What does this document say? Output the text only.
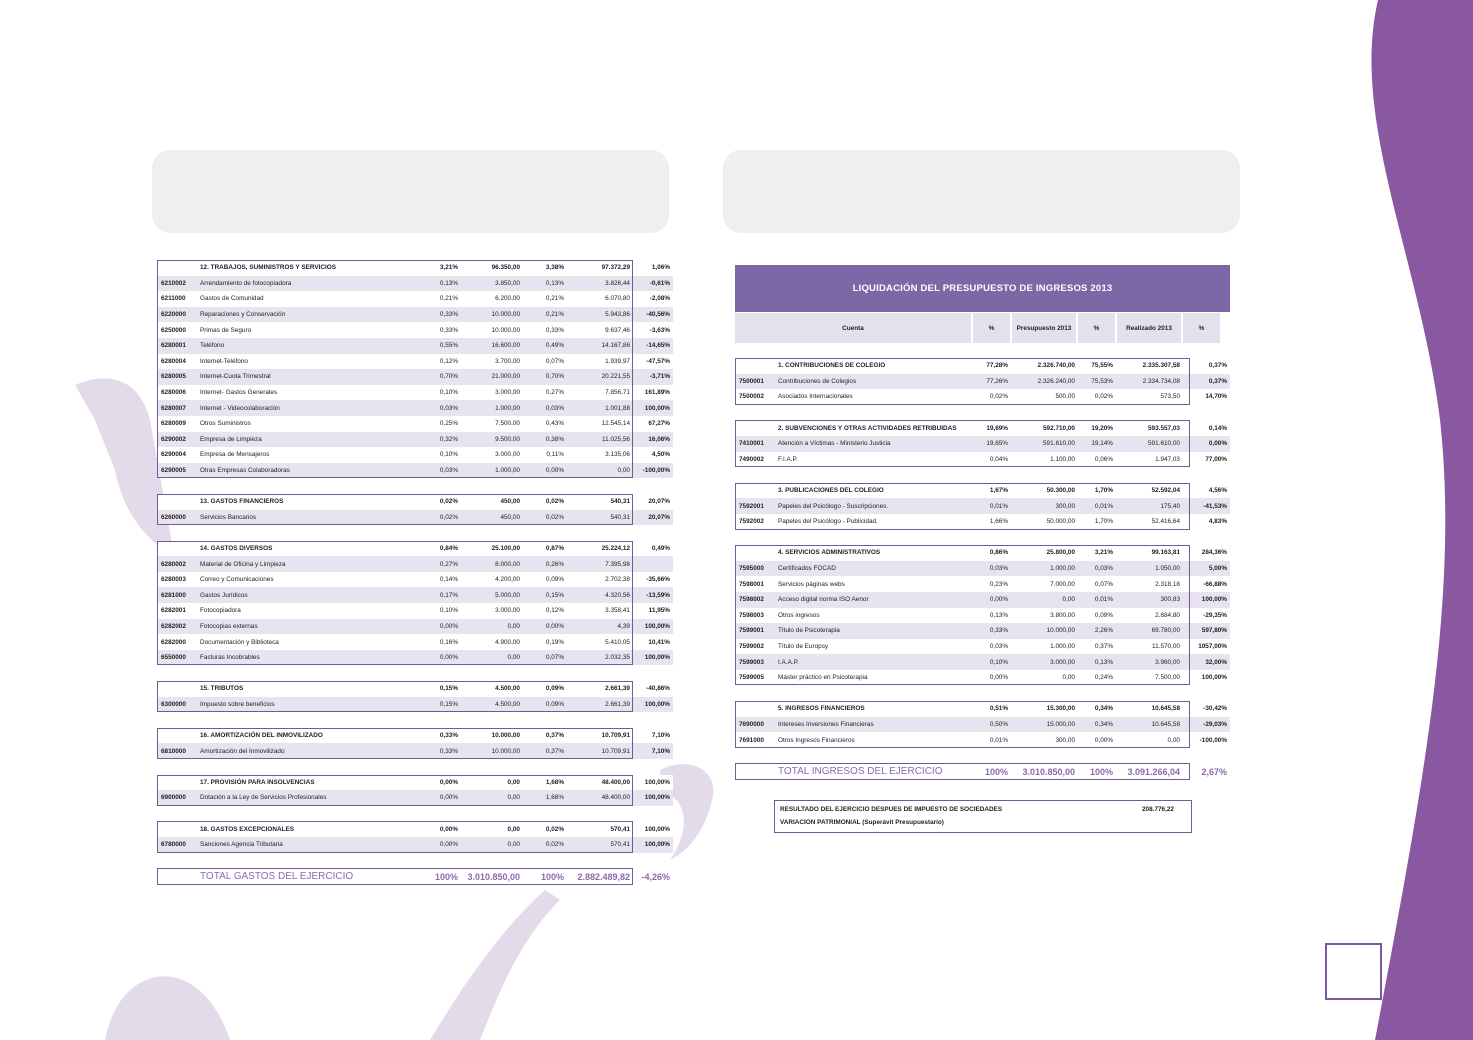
	12. TRABAJOS, SUMINISTROS Y SERVICIOS	3,21%	96.350,00	3,38%	97.372,29	1,06%
6210002	Arrendamiento de fotocopiadora	0,13%	3.850,00	0,13%	3.826,44	-0,61%
6211000	Gastos de Comunidad	0,21%	6.200,00	0,21%	6.070,80	-2,08%
6220000	Reparaciones y Conservación	0,33%	10.000,00	0,21%	5.943,86	-40,56%
6250000	Primas de Seguro	0,33%	10.000,00	0,33%	9.637,46	-3,63%
6280001	Teléfono	0,55%	16.600,00	0,49%	14.167,86	-14,65%
6280004	Internet-Teléfono	0,12%	3.700,00	0,07%	1.939,97	-47,57%
6280005	Internet-Cuota Trimestral	0,70%	21.000,00	0,70%	20.221,55	-3,71%
6280006	Internet- Gastos Generales	0,10%	3.000,00	0,27%	7.856,71	161,89%
6280007	Internet - Videocolaboración	0,03%	1.000,00	0,03%	1.001,88	100,00%
6280009	Otros Suministros	0,25%	7.500,00	0,43%	12.545,14	67,27%
6290002	Empresa de Limpieza	0,32%	9.500,00	0,38%	11.025,56	16,06%
6290004	Empresa de Mensajeros	0,10%	3.000,00	0,11%	3.135,06	4,50%
6290005	Otras Empresas Colaboradoras	0,03%	1.000,00	0,00%	0,00	-100,00%

	13. GASTOS FINANCIEROS	0,02%	450,00	0,02%	540,31	20,07%
6260000	Servicios Bancarios	0,02%	450,00	0,02%	540,31	20,07%

	14. GASTOS DIVERSOS	0,84%	25.100,00	0,87%	25.224,12	0,49%
6280002	Material de Oficina y Limpieza	0,27%	8.000,00	0,26%	7.395,98	
6280003	Correo y Comunicaciones	0,14%	4.200,00	0,09%	2.702,38	-35,66%
6281000	Gastos Jurídicos	0,17%	5.000,00	0,15%	4.320,56	-13,59%
6282001	Fotocopiadora	0,10%	3.000,00	0,12%	3.358,41	11,95%
6282002	Fotocopias externas	0,00%	0,00	0,00%	4,39	100,00%
6282000	Documentación y Biblioteca	0,16%	4.900,00	0,19%	5.410,05	10,41%
6550000	Facturas Incobrables	0,00%	0,00	0,07%	2.032,35	100,00%

	15. TRIBUTOS	0,15%	4.500,00	0,09%	2.661,39	-40,86%
6300000	Impuesto sobre beneficios	0,15%	4.500,00	0,09%	2.661,39	100,00%

	16. AMORTIZACIÓN DEL INMOVILIZADO	0,33%	10.000,00	0,37%	10.709,91	7,10%
6810000	Amortización del Inmovilizado	0,33%	10.000,00	0,37%	10.709,91	7,10%

	17. PROVISIÓN PARA INSOLVENCIAS	0,00%	0,00	1,68%	48.400,00	100,00%
6900000	Dotación a la Ley de Servicios Profesionales	0,00%	0,00	1,68%	48.400,00	100,00%

	18. GASTOS EXCEPCIONALES	0,00%	0,00	0,02%	570,41	100,00%
6780000	Sanciones Agencia Tributaria	0,00%	0,00	0,02%	570,41	100,00%

	TOTAL GASTOS DEL EJERCICIO	100%	3.010.850,00	100%	2.882.489,82	-4,26%
LIQUIDACIÓN DEL PRESUPUESTO DE INGRESOS 2013
Cuenta	%	Presupuesto 2013	%	Realizado 2013	%
	1. CONTRIBUCIONES DE COLEGIO	77,28%	2.326.740,00	75,55%	2.335.307,58	0,37%
7500001	Contribuciones de Colegios	77,26%	2.326.240,00	75,53%	2.334.734,08	0,37%
7500002	Asociados Internacionales	0,02%	500,00	0,02%	573,50	14,70%

	2. SUBVENCIONES Y OTRAS ACTIVIDADES RETRIBUIDAS	19,69%	592.710,00	19,20%	593.557,03	0,14%
7410001	Atención a Víctimas - Ministerio Justicia	19,65%	591.610,00	19,14%	591.610,00	0,00%
7490002	F.I.A.P.	0,04%	1.100,00	0,06%	1.947,03	77,00%

	3. PUBLICACIONES DEL COLEGIO	1,67%	50.300,00	1,70%	52.592,04	4,56%
7592001	Papeles del Psicólogo - Suscripciones.	0,01%	300,00	0,01%	175,40	-41,53%
7592002	Papeles del Psicólogo - Publicidad.	1,66%	50.000,00	1,70%	52.416,64	4,83%

	4. SERVICIOS ADMINISTRATIVOS	0,86%	25.800,00	3,21%	99.163,81	284,36%
7595000	Certificados FOCAD	0,03%	1.000,00	0,03%	1.050,00	5,00%
7598001	Servicios páginas webs	0,23%	7.000,00	0,07%	2.318,18	-66,88%
7598002	Acceso digital norma ISO Aenor	0,00%	0,00	0,01%	300,83	100,00%
7598003	Otros ingresos	0,13%	3.800,00	0,09%	2.684,80	-29,35%
7599001	Título de Psicoterapia	0,33%	10.000,00	2,26%	69.780,00	597,80%
7599002	Título de Europsy	0,03%	1.000,00	0,37%	11.570,00	1057,00%
7599003	I.A.A.P.	0,10%	3.000,00	0,13%	3.960,00	32,00%
7599005	Máster práctico en Psicoterapia	0,00%	0,00	0,24%	7.500,00	100,00%

	5. INGRESOS FINANCIEROS	0,51%	15.300,00	0,34%	10.645,58	-30,42%
7690000	Intereses Inversiones Financieras	0,50%	15.000,00	0,34%	10.645,58	-29,03%
7691000	Otros Ingresos Financieros	0,01%	300,00	0,00%	0,00	-100,00%

	TOTAL INGRESOS DEL EJERCICIO	100%	3.010.850,00	100%	3.091.266,04	2,67%
RESULTADO DEL EJERCICIO DESPUES DE IMPUESTO DE SOCIEDADES	208.776,22
VARIACION PATRIMONIAL (Superávit Presupuestario)
